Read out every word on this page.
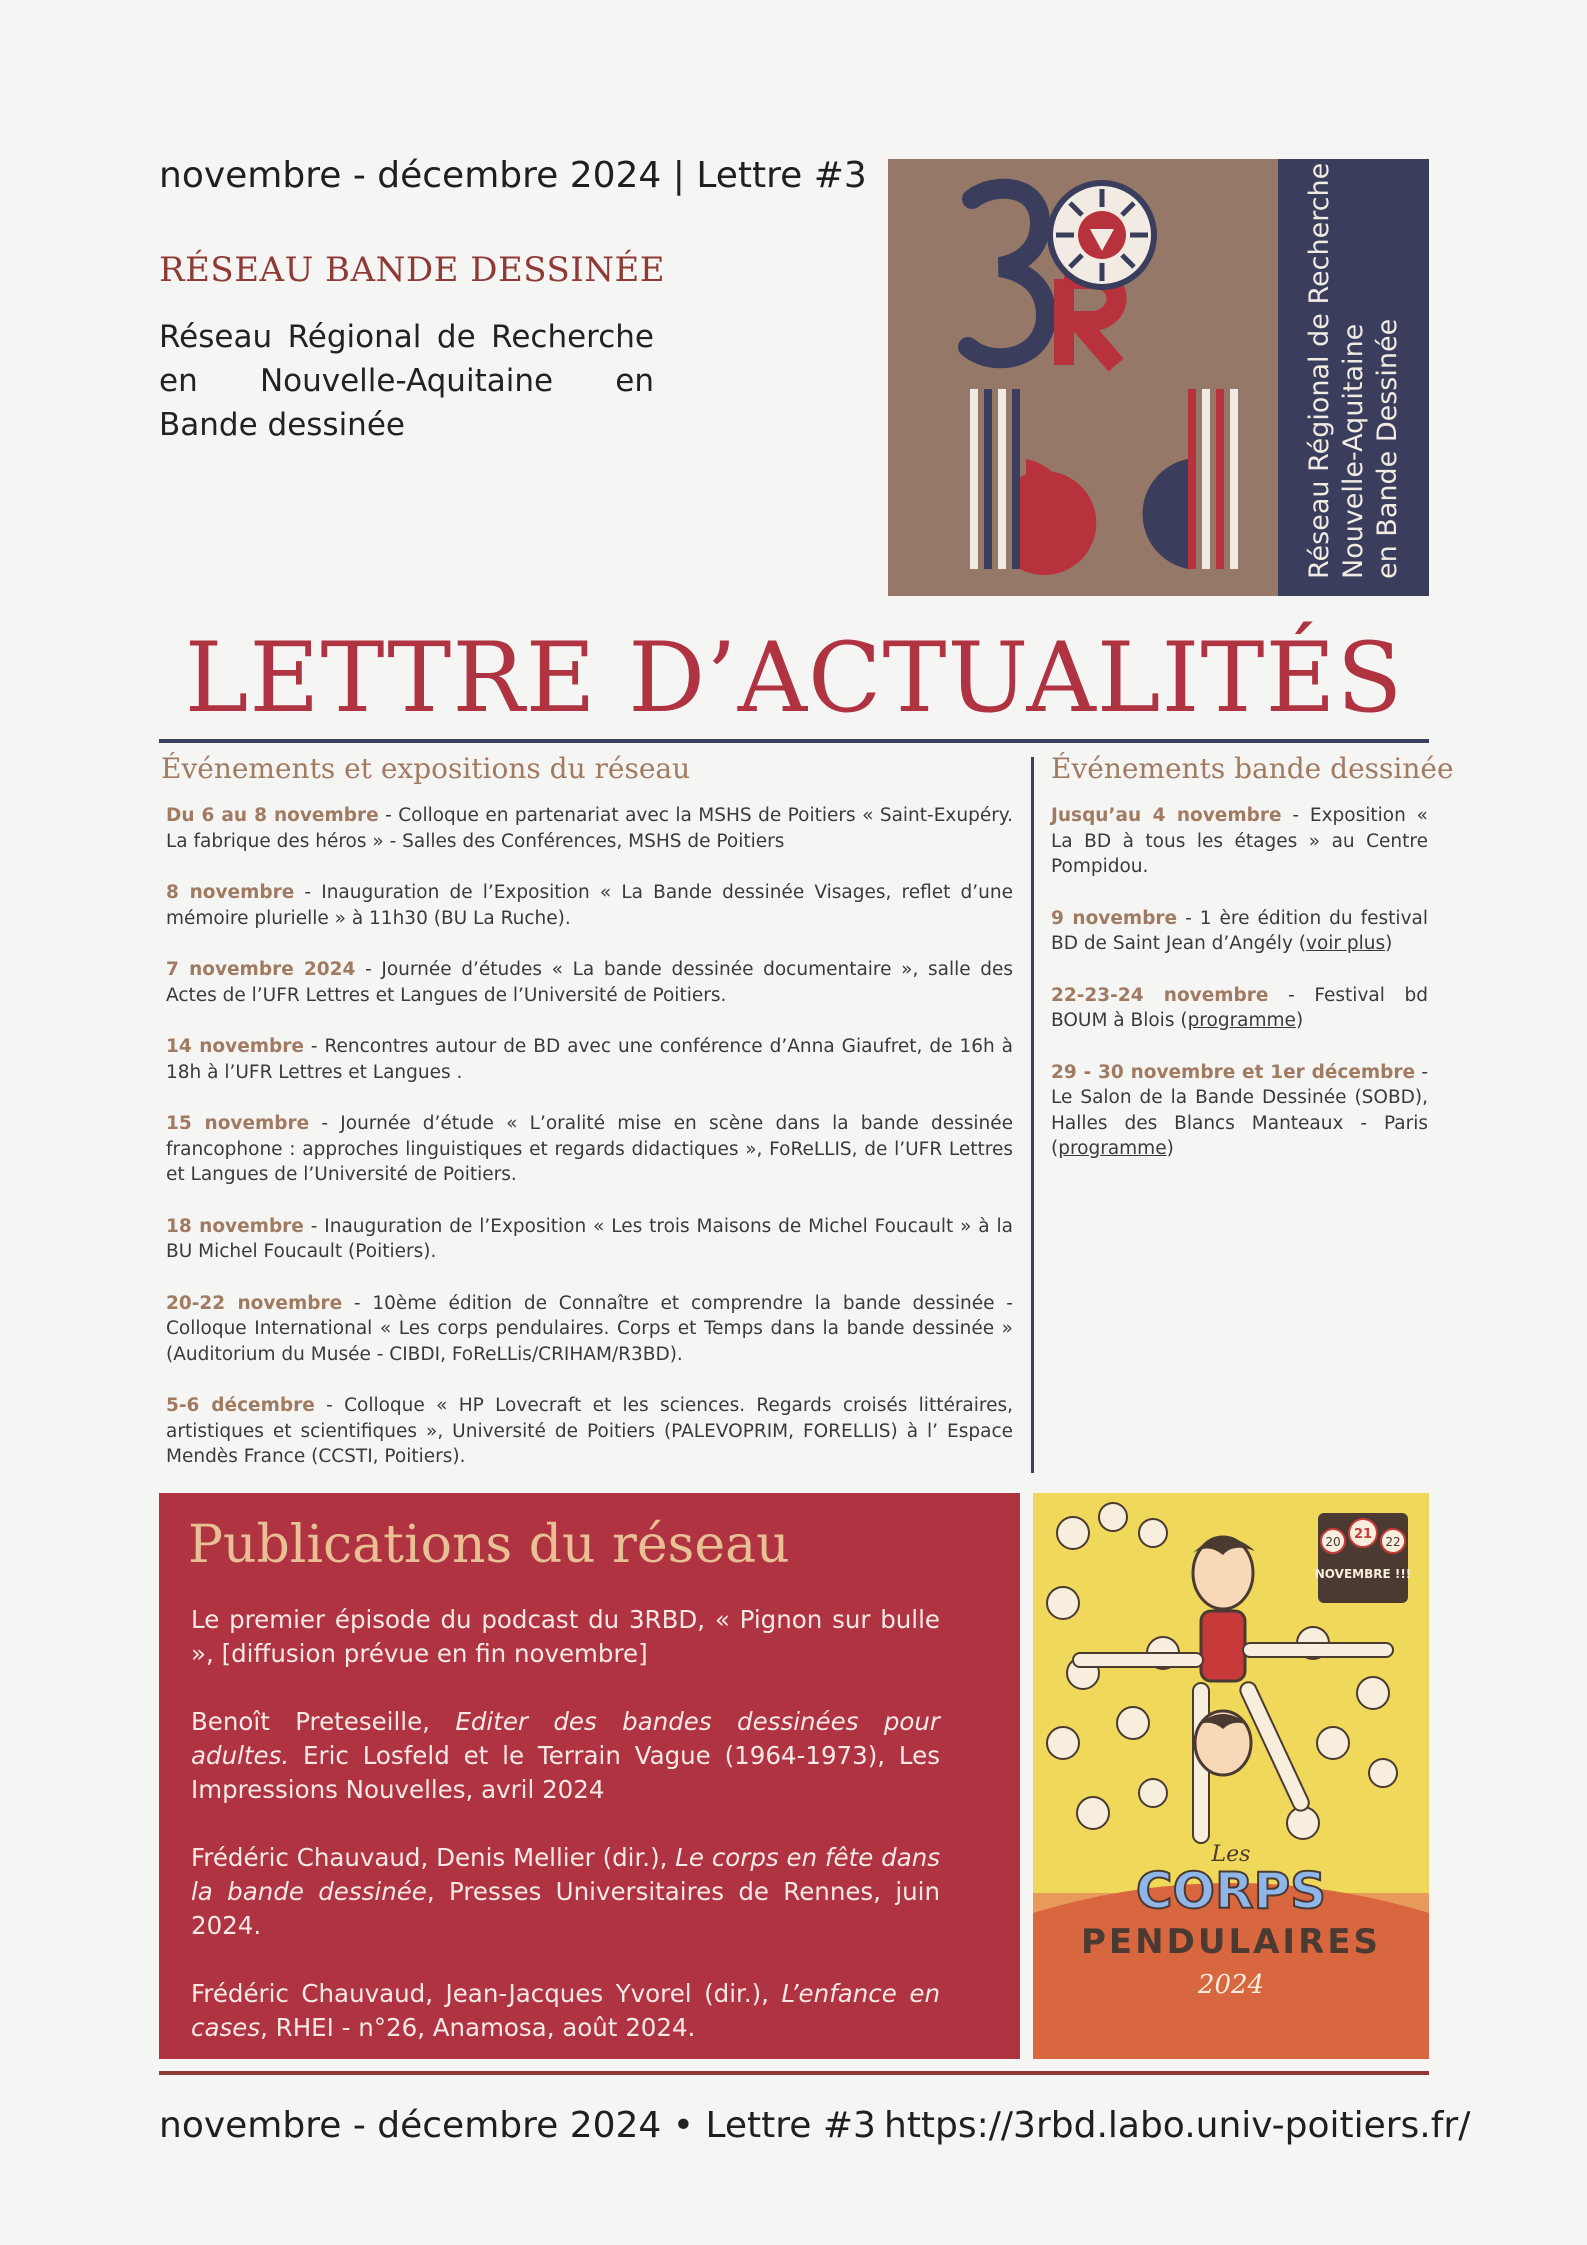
novembre - décembre 2024 | Lettre #3
RÉSEAU BANDE DESSINÉE
Réseau Régional de Recherche en Nouvelle-Aquitaine en Bande dessinée	Réseau Régional de Recherche Nouvelle-Aquitaine en Bande Dessinée
LETTRE D’ACTUALITÉS
Événements et expositions du réseau	Événements bande dessinée

Du 6 au 8 novembre - Colloque en partenariat avec la MSHS de Poitiers « Saint-Exupéry. La fabrique des héros » - Salles des Conférences, MSHS de Poitiers

8 novembre - Inauguration de l’Exposition « La Bande dessinée Visages, reflet d’une mémoire plurielle » à 11h30 (BU La Ruche).

7 novembre 2024 - Journée d’études « La bande dessinée documentaire », salle des Actes de l’UFR Lettres et Langues de l’Université de Poitiers.

14 novembre - Rencontres autour de BD avec une conférence d’Anna Giaufret, de 16h à 18h à l’UFR Lettres et Langues .

15 novembre - Journée d’étude « L’oralité mise en scène dans la bande dessinée francophone : approches linguistiques et regards didactiques », FoReLLIS, de l’UFR Lettres et Langues de l’Université de Poitiers.

18 novembre - Inauguration de l’Exposition « Les trois Maisons de Michel Foucault » à la BU Michel Foucault (Poitiers).

20-22 novembre - 10ème édition de Connaître et comprendre la bande dessinée - Colloque International « Les corps pendulaires. Corps et Temps dans la bande dessinée » (Auditorium du Musée - CIBDI, FoReLLis/CRIHAM/R3BD).

5-6 décembre - Colloque « HP Lovecraft et les sciences. Regards croisés littéraires, artistiques et scientifiques », Université de Poitiers (PALEVOPRIM, FORELLIS) à l’ Espace Mendès France (CCSTI, Poitiers).

Jusqu’au 4 novembre - Exposition « La BD à tous les étages » au Centre Pompidou.

9 novembre - 1 ère édition du festival BD de Saint Jean d’Angély (voir plus)

22-23-24 novembre - Festival bd BOUM à Blois (programme)

29 - 30 novembre et 1er décembre - Le Salon de la Bande Dessinée (SOBD), Halles des Blancs Manteaux - Paris (programme)

Publications du réseau

Le premier épisode du podcast du 3RBD, « Pignon sur bulle », [diffusion prévue en fin novembre]

Benoît Preteseille, Editer des bandes dessinées pour adultes. Eric Losfeld et le Terrain Vague (1964-1973), Les Impressions Nouvelles, avril 2024

Frédéric Chauvaud, Denis Mellier (dir.), Le corps en fête dans la bande dessinée, Presses Universitaires de Rennes, juin 2024.

Frédéric Chauvaud, Jean-Jacques Yvorel (dir.), L’enfance en cases, RHEI - n°26, Anamosa, août 2024.

20 21 22
NOVEMBRE !!!
Les
CORPS
PENDULAIRES
2024
novembre - décembre 2024 • Lettre #3 https://3rbd.labo.univ-poitiers.fr/
